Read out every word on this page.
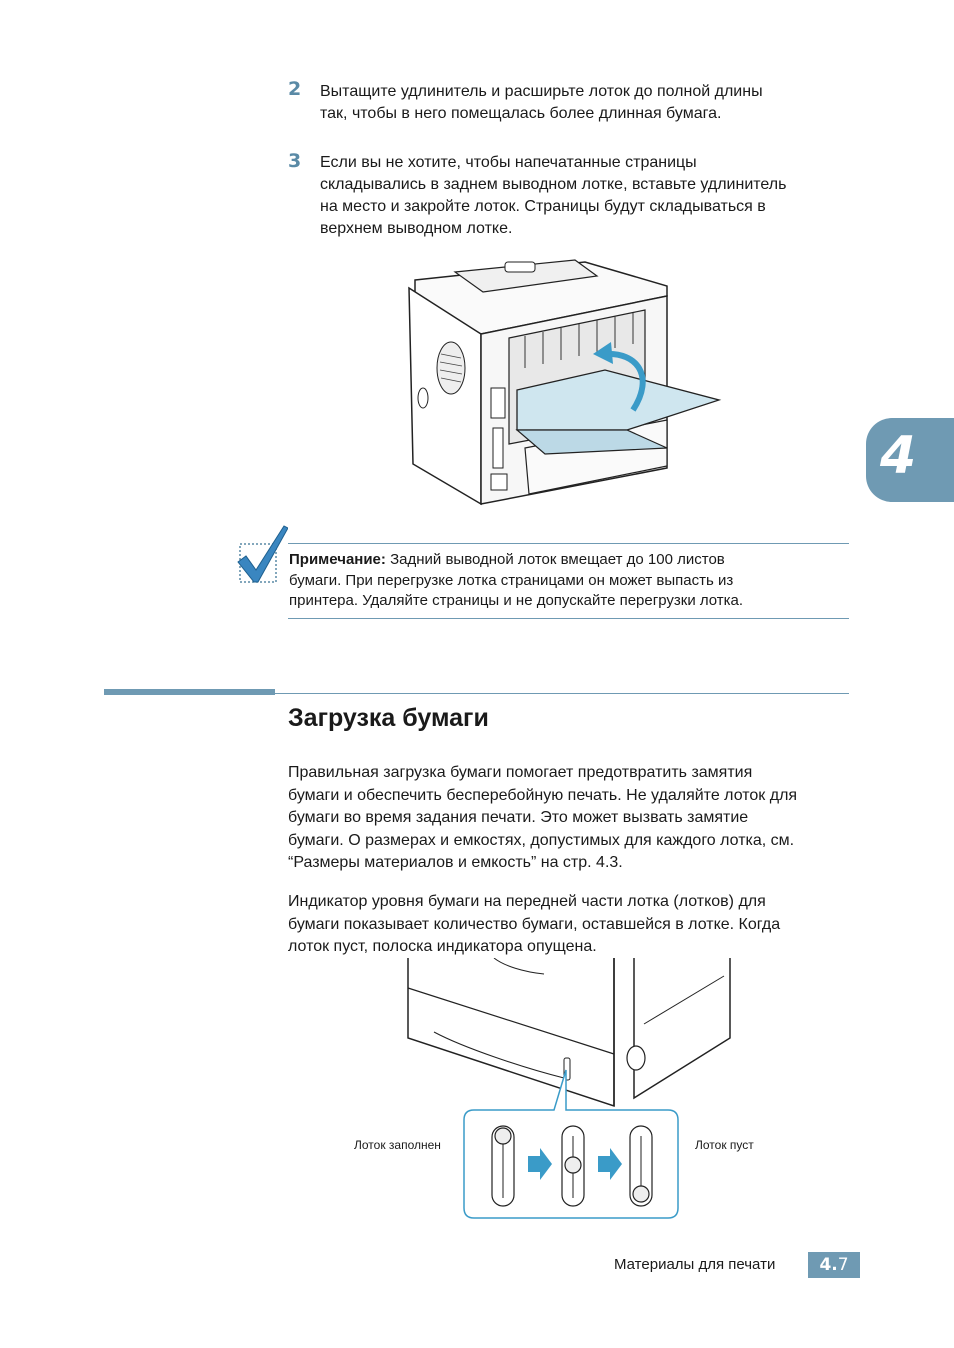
2 Вытащите удлинитель и расширьте лоток до полной длины
так, чтобы в него помещалась более длинная бумага.
3 Если вы не хотите, чтобы напечатанные страницы
складывались в заднем выводном лотке, вставьте удлинитель
на место и закройте лоток. Страницы будут складываться в
верхнем выводном лотке.
Примечание: Задний выводной лоток вмещает до 100 листов
бумаги. При перегрузке лотка страницами он может выпасть из
принтера. Удаляйте страницы и не допускайте перегрузки лотка.
4
Загрузка бумаги
Правильная загрузка бумаги помогает предотвратить замятия
бумаги и обеспечить бесперебойную печать. Не удаляйте лоток для
бумаги во время задания печати. Это может вызвать замятие
бумаги. О размерах и емкостях, допустимых для каждого лотка, см.
“Размеры материалов и емкость” на стр. 4.3.
Индикатор уровня бумаги на передней части лотка (лотков) для
бумаги показывает количество бумаги, оставшейся в лотке. Когда
лоток пуст, полоска индикатора опущена.
Лоток заполнен	Лоток пуст
Материалы для печати	4.7
